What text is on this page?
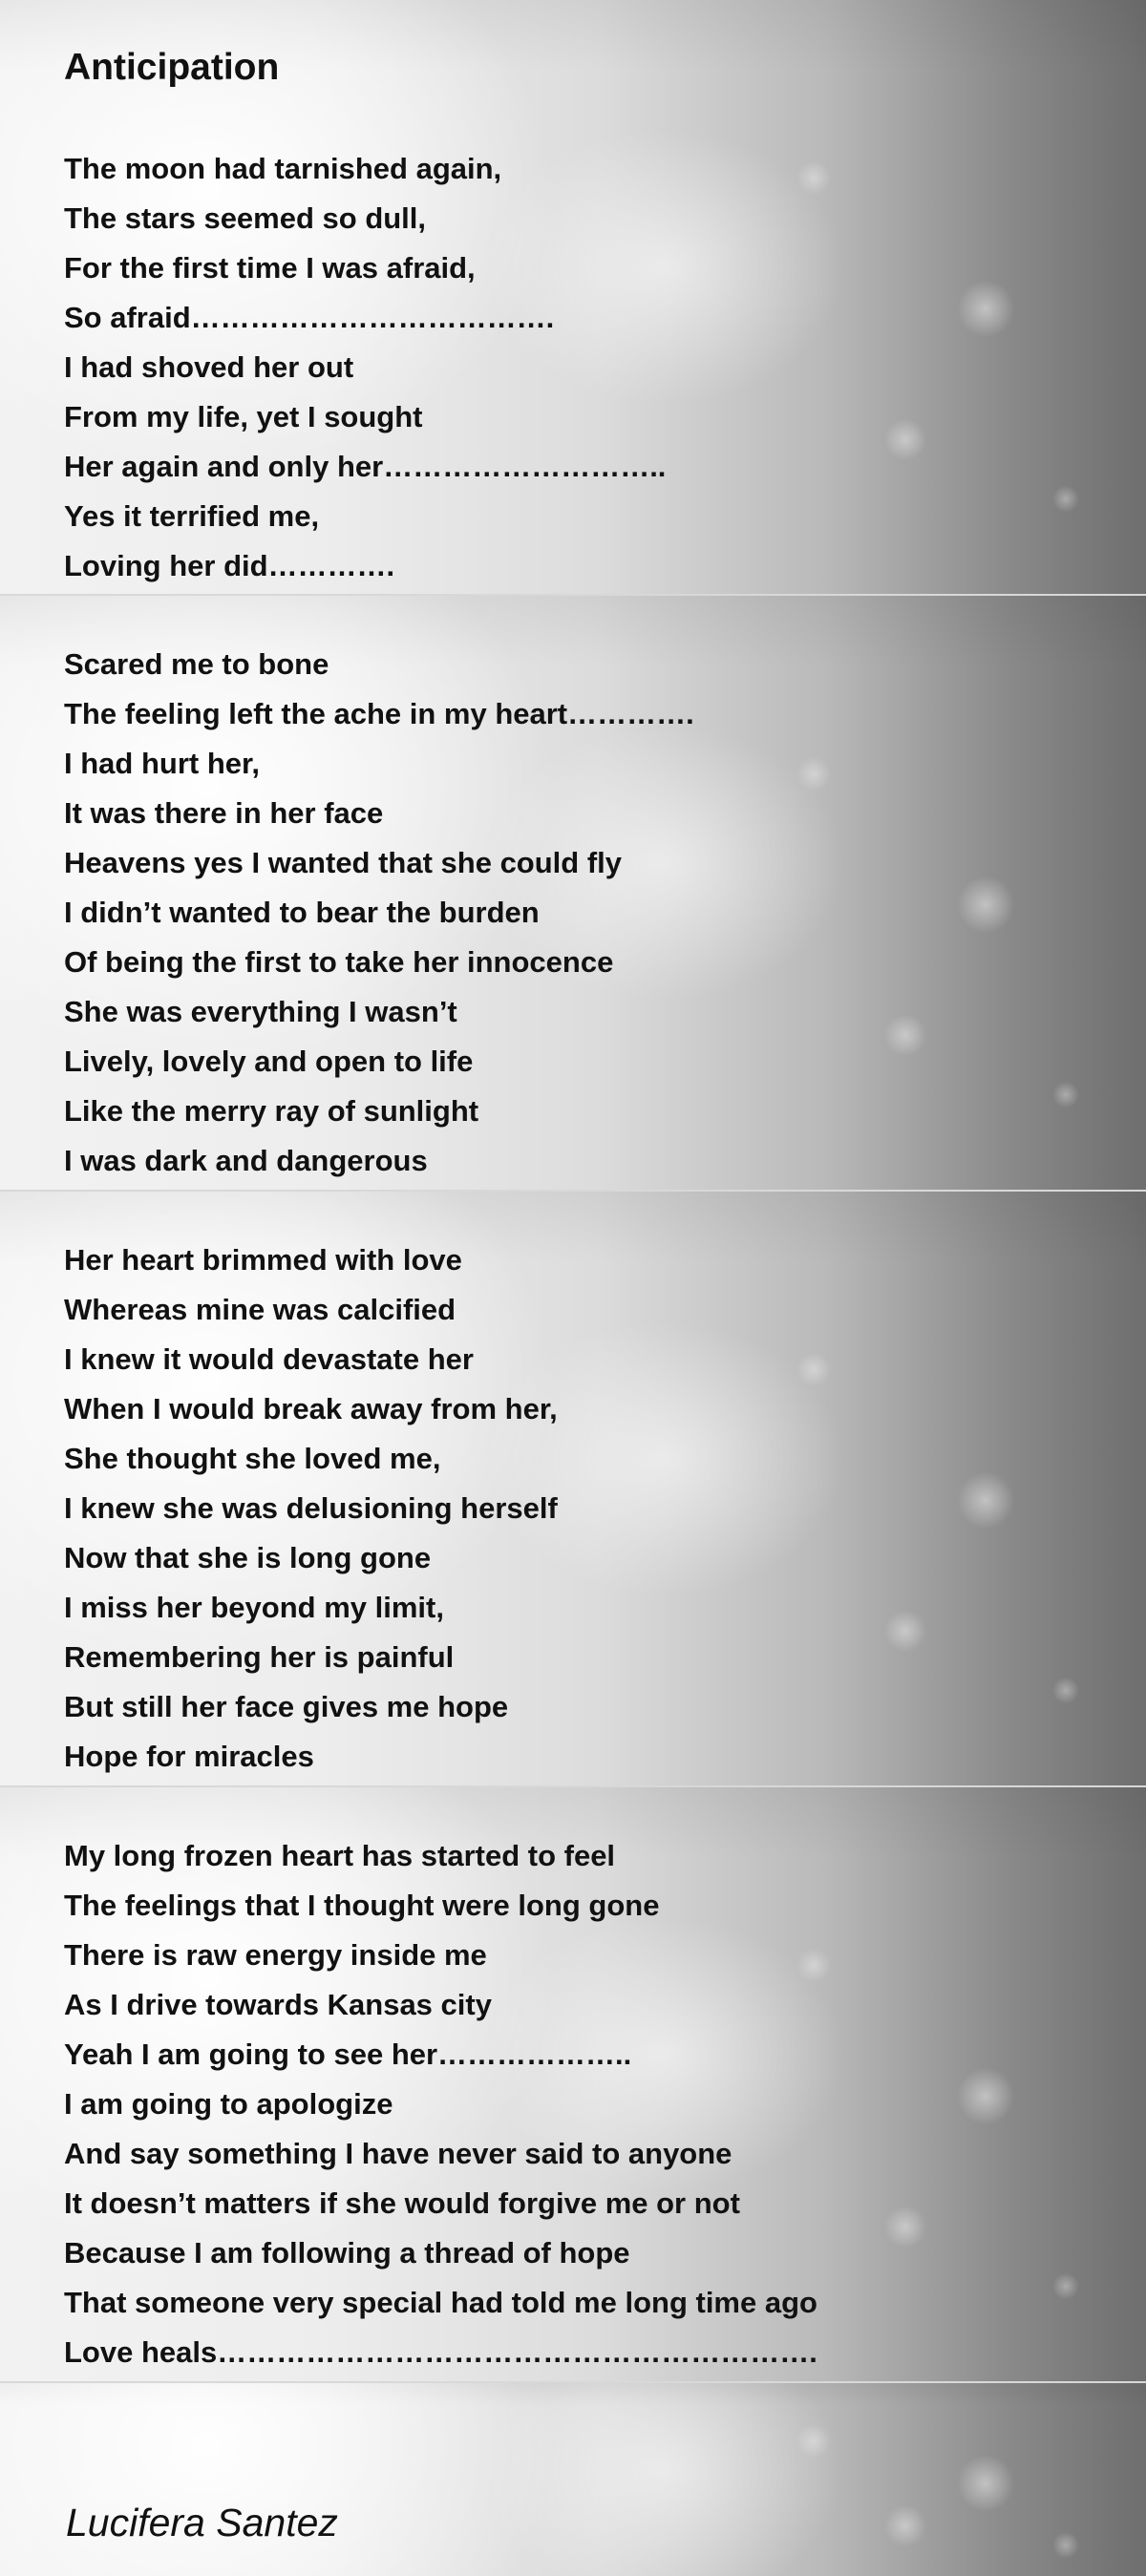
Anticipation
The moon had tarnished again,
The stars seemed so dull,
For the first time I was afraid,
So afraid……………………………….
I had shoved her out
From my life, yet I sought
Her again and only her………………………..
Yes it terrified me,
Loving her did………….
Scared me to bone
The feeling left the ache in my heart………….
I had hurt her,
It was there in her face
Heavens yes I wanted that she could fly
I didn’t wanted to bear the burden
Of being the first to take her innocence
She was everything I wasn’t
Lively, lovely and open to life
Like the merry ray of sunlight
I was dark and dangerous
Her heart brimmed with love
Whereas mine was calcified
I knew it would devastate her
When I would break away from her,
She thought she loved me,
I knew she was delusioning herself
Now that she is long gone
I miss her beyond my limit,
Remembering her is painful
But still her face gives me hope
Hope for miracles
My long frozen heart has started to feel
The feelings that I thought were long gone
There is raw energy inside me
As I drive towards Kansas city
Yeah I am going to see her………………..
I am going to apologize
And say something I have never said to anyone
It doesn’t matters if she would forgive me or not
Because I am following a thread of hope
That someone very special had told me long time ago
Love heals…………………………………………………….

Lucifera Santez
